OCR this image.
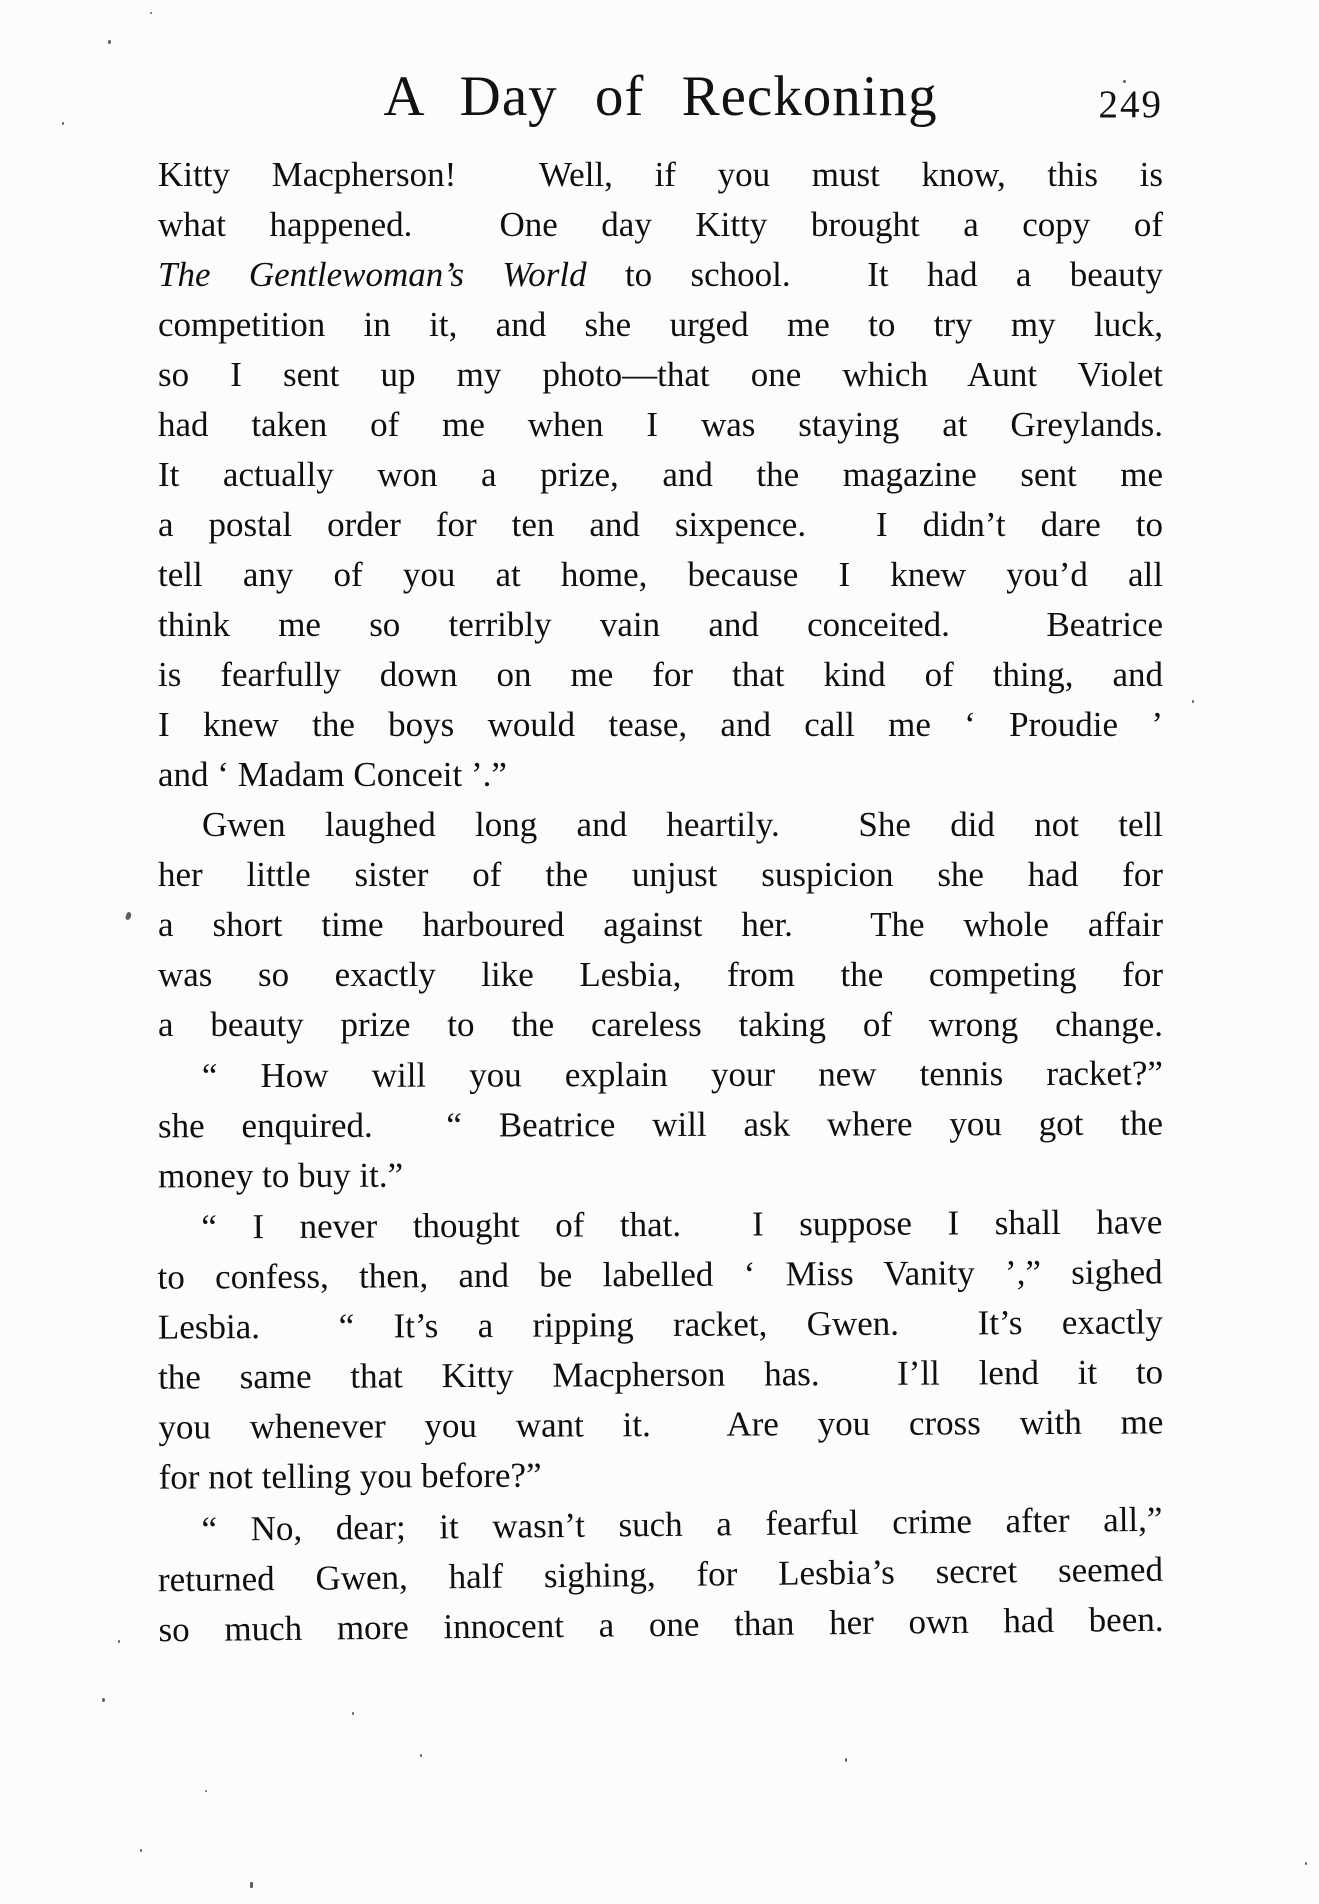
A Day of Reckoning	249
Kitty Macpherson!  Well, if you must know, this is
what happened.  One day Kitty brought a copy of
The Gentlewoman’s World to school.  It had a beauty
competition in it, and she urged me to try my luck,
so I sent up my photo—that one which Aunt Violet
had taken of me when I was staying at Greylands.
It actually won a prize, and the magazine sent me
a postal order for ten and sixpence.  I didn’t dare to
tell any of you at home, because I knew you’d all
think me so terribly vain and conceited.  Beatrice
is fearfully down on me for that kind of thing, and
I knew the boys would tease, and call me ‘ Proudie ’
and ‘ Madam Conceit ’.”
Gwen laughed long and heartily.  She did not tell
her little sister of the unjust suspicion she had for
a short time harboured against her.  The whole affair
was so exactly like Lesbia, from the competing for
a beauty prize to the careless taking of wrong change.
“ How will you explain your new tennis racket?”
she enquired.  “ Beatrice will ask where you got the
money to buy it.”
“ I never thought of that.  I suppose I shall have
to confess, then, and be labelled ‘ Miss Vanity ’,” sighed
Lesbia.  “ It’s a ripping racket, Gwen.  It’s exactly
the same that Kitty Macpherson has.  I’ll lend it to
you whenever you want it.  Are you cross with me
for not telling you before?”
“ No, dear; it wasn’t such a fearful crime after all,”
returned Gwen, half sighing, for Lesbia’s secret seemed
so much more innocent a one than her own had been.
